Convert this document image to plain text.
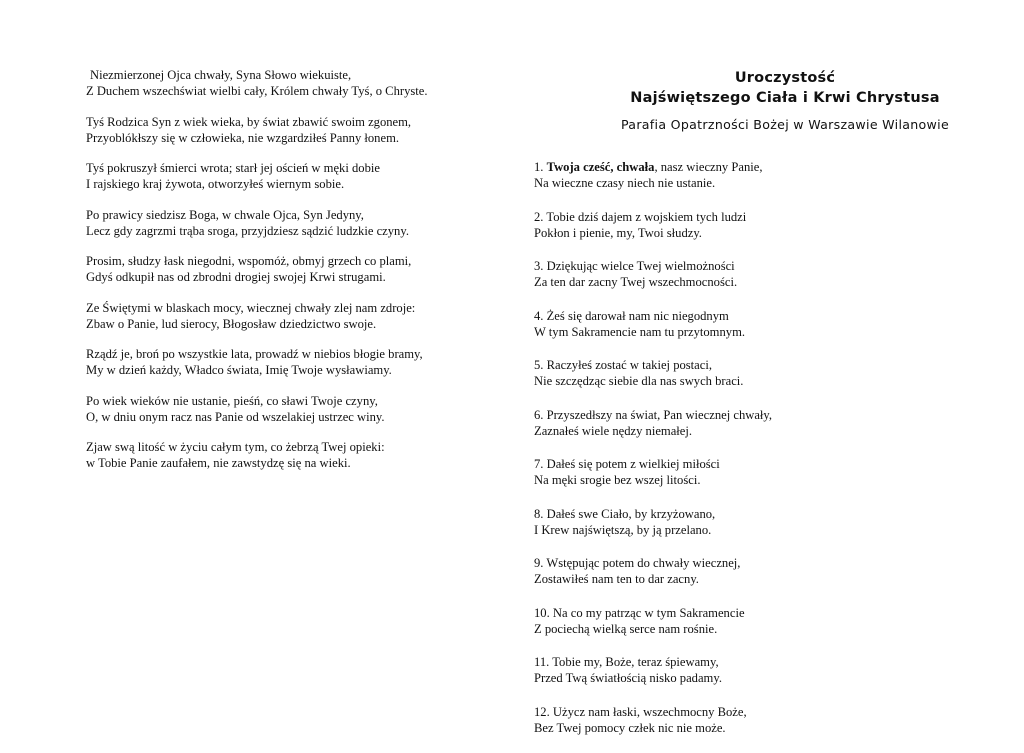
Niezmierzonej Ojca chwały, Syna Słowo wiekuiste,
Z Duchem wszechświat wielbi cały, Królem chwały Tyś, o Chryste.

Tyś Rodzica Syn z wiek wieka, by świat zbawić swoim zgonem,
Przyoblókłszy się w człowieka, nie wzgardziłeś Panny łonem.

Tyś pokruszył śmierci wrota; starł jej oścień w męki dobie
I rajskiego kraj żywota, otworzyłeś wiernym sobie.

Po prawicy siedzisz Boga, w chwale Ojca, Syn Jedyny,
Lecz gdy zagrzmi trąba sroga, przyjdziesz sądzić ludzkie czyny.

Prosim, słudzy łask niegodni, wspomóż, obmyj grzech co plami,
Gdyś odkupił nas od zbrodni drogiej swojej Krwi strugami.

Ze Świętymi w blaskach mocy, wiecznej chwały zlej nam zdroje:
Zbaw o Panie, lud sierocy, Błogosław dziedzictwo swoje.

Rządź je, broń po wszystkie lata, prowadź w niebios błogie bramy,
My w dzień każdy, Władco świata, Imię Twoje wysławiamy.

Po wiek wieków nie ustanie, pieśń, co sławi Twoje czyny,
O, w dniu onym racz nas Panie od wszelakiej ustrzec winy.

Zjaw swą litość w życiu całym tym, co żebrzą Twej opieki:
w Tobie Panie zaufałem, nie zawstydzę się na wieki.

Uroczystość
Najświętszego Ciała i Krwi Chrystusa
Parafia Opatrzności Bożej w Warszawie Wilanowie

1. Twoja cześć, chwała, nasz wieczny Panie,
Na wieczne czasy niech nie ustanie.

2. Tobie dziś dajem z wojskiem tych ludzi
Pokłon i pienie, my, Twoi słudzy.

3. Dziękując wielce Twej wielmożności
Za ten dar zacny Twej wszechmocności.

4. Żeś się darował nam nic niegodnym
W tym Sakramencie nam tu przytomnym.

5. Raczyłeś zostać w takiej postaci,
Nie szczędząc siebie dla nas swych braci.

6. Przyszedłszy na świat, Pan wiecznej chwały,
Zaznałeś wiele nędzy niemałej.

7. Dałeś się potem z wielkiej miłości
Na męki srogie bez wszej litości.

8. Dałeś swe Ciało, by krzyżowano,
I Krew najświętszą, by ją przelano.

9. Wstępując potem do chwały wiecznej,
Zostawiłeś nam ten to dar zacny.

10. Na co my patrząc w tym Sakramencie
Z pociechą wielką serce nam rośnie.

11. Tobie my, Boże, teraz śpiewamy,
Przed Twą światłością nisko padamy.

12. Użycz nam łaski, wszechmocny Boże,
Bez Twej pomocy człek nic nie może.
